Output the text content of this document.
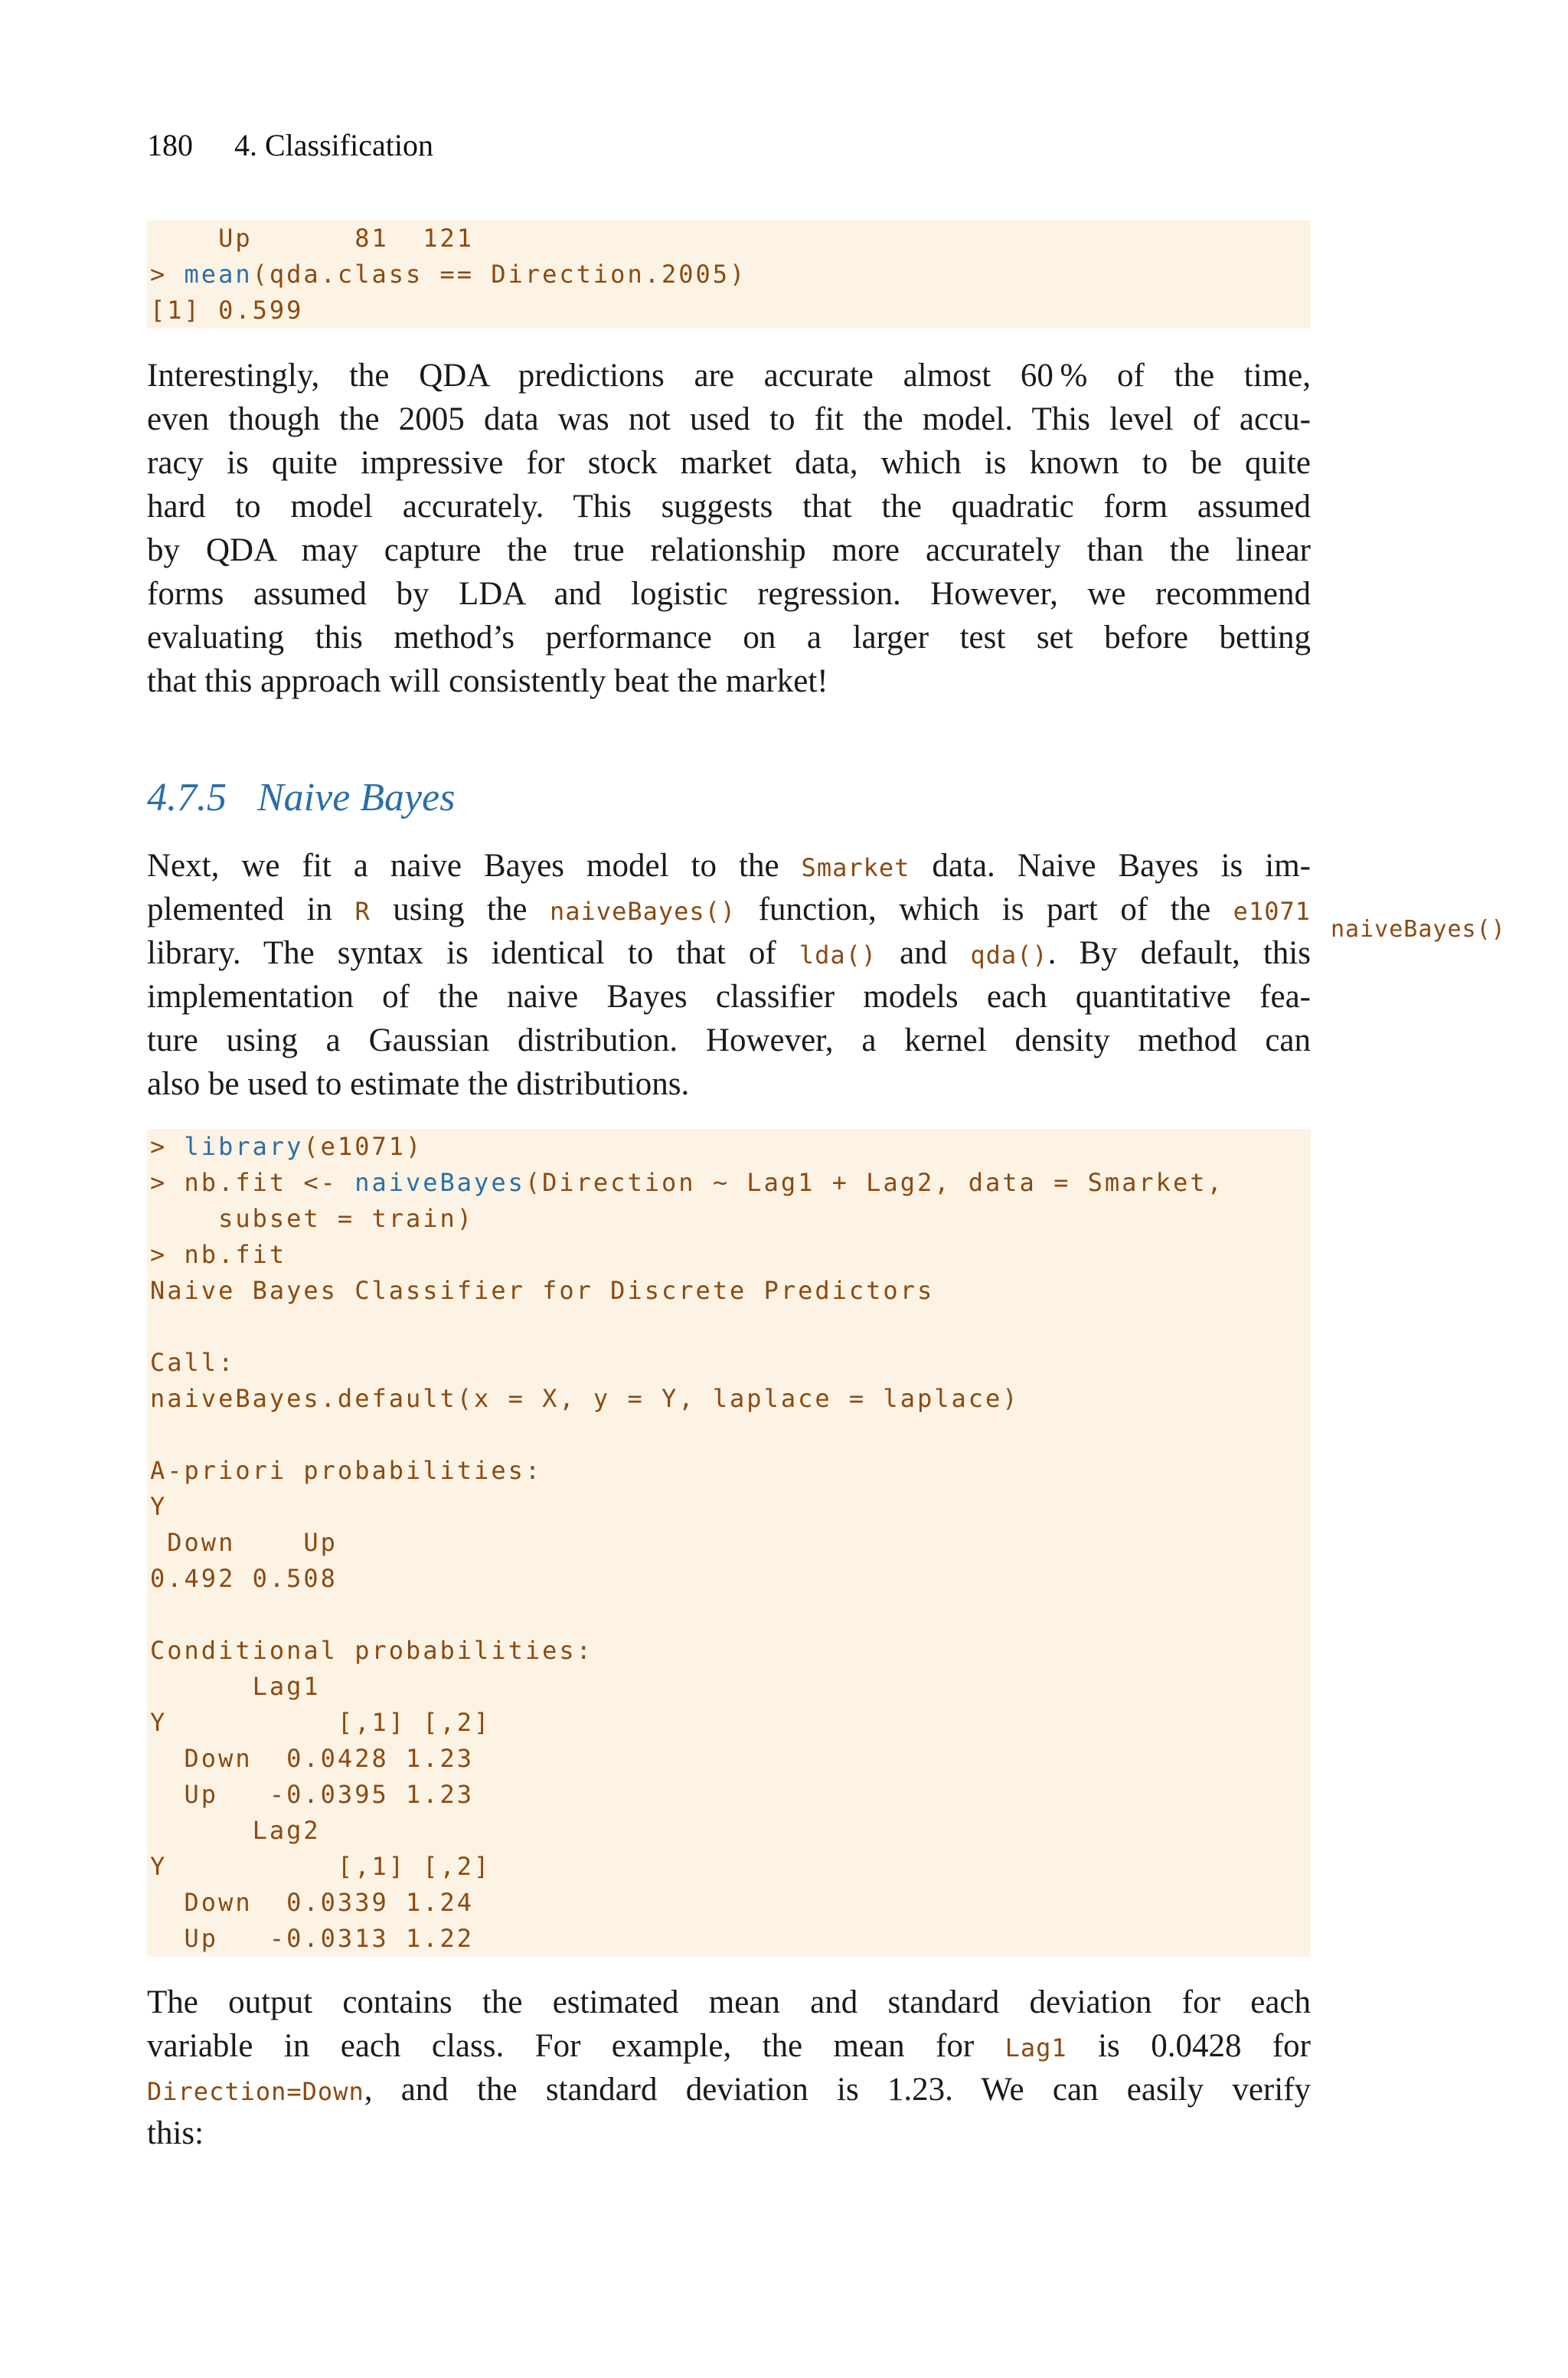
180 4. Classification
Up      81  121
> mean(qda.class == Direction.2005)
[1] 0.599
Interestingly, the QDA predictions are accurate almost 60 % of the time,
even though the 2005 data was not used to fit the model. This level of accu-
racy is quite impressive for stock market data, which is known to be quite
hard to model accurately. This suggests that the quadratic form assumed
by QDA may capture the true relationship more accurately than the linear
forms assumed by LDA and logistic regression. However, we recommend
evaluating this method’s performance on a larger test set before betting
that this approach will consistently beat the market!
4.7.5 Naive Bayes
Next, we fit a naive Bayes model to the Smarket data. Naive Bayes is im-
plemented in R using the naiveBayes() function, which is part of the e1071
library. The syntax is identical to that of lda() and qda(). By default, this
implementation of the naive Bayes classifier models each quantitative fea-
ture using a Gaussian distribution. However, a kernel density method can
also be used to estimate the distributions.
naiveBayes()
> library(e1071)
> nb.fit <- naiveBayes(Direction ∼ Lag1 + Lag2, data = Smarket,
subset = train)
> nb.fit
Naive Bayes Classifier for Discrete Predictors
Call:
naiveBayes.default(x = X, y = Y, laplace = laplace)
A-priori probabilities:
Y
Down    Up
0.492 0.508
Conditional probabilities:
Lag1
Y          [,1] [,2]
Down  0.0428 1.23
Up   -0.0395 1.23
Lag2
Y          [,1] [,2]
Down  0.0339 1.24
Up   -0.0313 1.22
The output contains the estimated mean and standard deviation for each
variable in each class. For example, the mean for Lag1 is 0.0428 for
Direction=Down, and the standard deviation is 1.23. We can easily verify
this:
